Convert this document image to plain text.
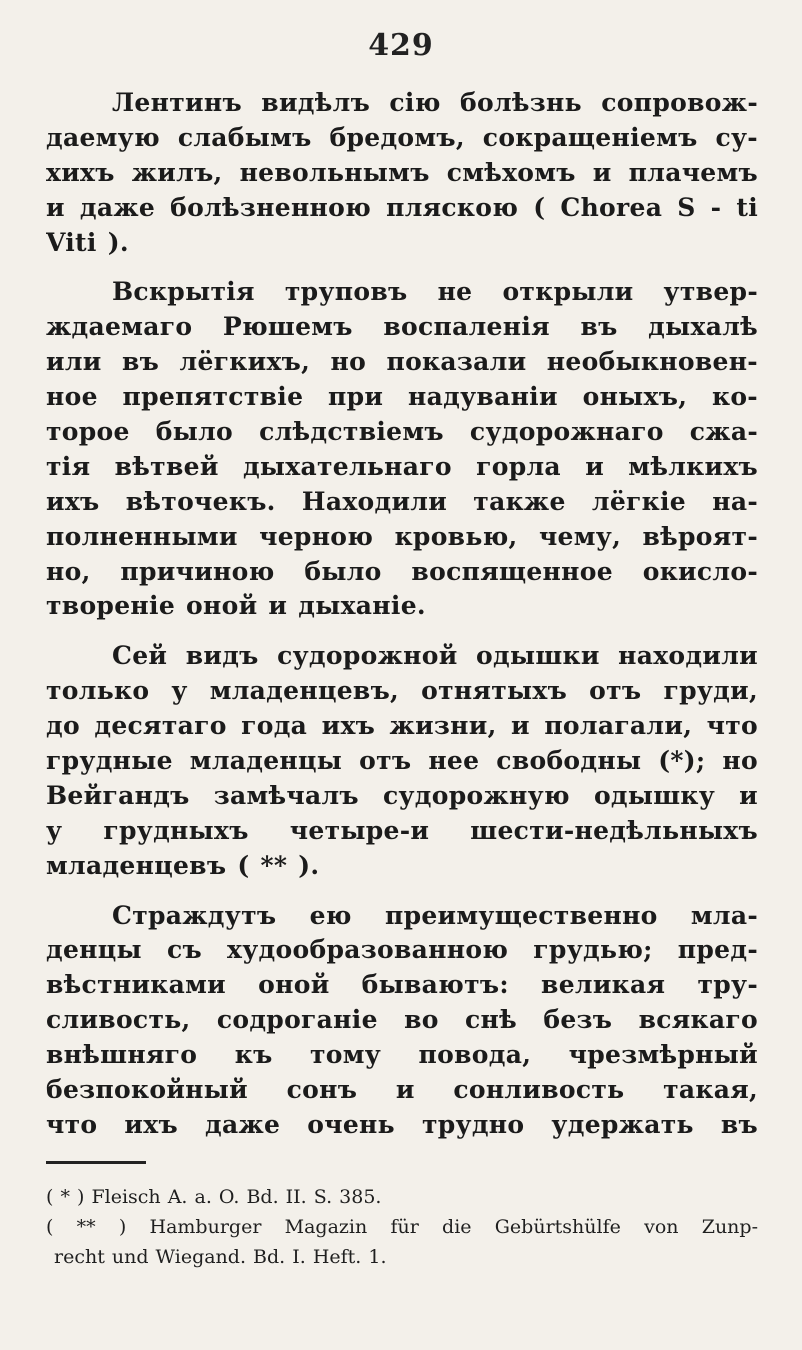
429
Лентинъ видѣлъ сію болѣзнь сопровож-
даемую слабымъ бредомъ, сокращеніемъ су-
хихъ жилъ, невольнымъ смѣхомъ и плачемъ
и даже болѣзненною пляскою ( Chorea S - ti
Viti ).
Вскрытія труповъ не открыли утвер-
ждаемаго Рюшемъ воспаленія въ дыхалѣ
или въ лёгкихъ, но показали необыкновен-
ное препятствіе при надуваніи оныхъ, ко-
торое было слѣдствіемъ судорожнаго сжа-
тія вѣтвей дыхательнаго горла и мѣлкихъ
ихъ вѣточекъ. Находили также лёгкіе на-
полненными черною кровью, чему, вѣроят-
но, причиною было воспященное окисло-
твореніе оной и дыханіе.
Сей видъ судорожной одышки находили
только у младенцевъ, отнятыхъ отъ груди,
до десятаго года ихъ жизни, и полагали, что
грудные младенцы отъ нее свободны (*); но
Вейгандъ замѣчалъ судорожную одышку и
у грудныхъ четыре-и шести-недѣльныхъ
младенцевъ ( ** ).
Страждутъ ею преимущественно мла-
денцы съ худообразованною грудью; пред-
вѣстниками оной бываютъ: великая тру-
сливость, содроганіе во снѣ безъ всякаго
внѣшняго къ тому повода, чрезмѣрный
безпокойный сонъ и сонливость такая,
что ихъ даже очень трудно удержать въ
( * ) Fleisch A. a. O. Bd. II. S. 385.
( ** ) Hamburger Magazin für die Gebürtshülfe von Zunp-
recht und Wiegand. Bd. I. Heft. 1.
